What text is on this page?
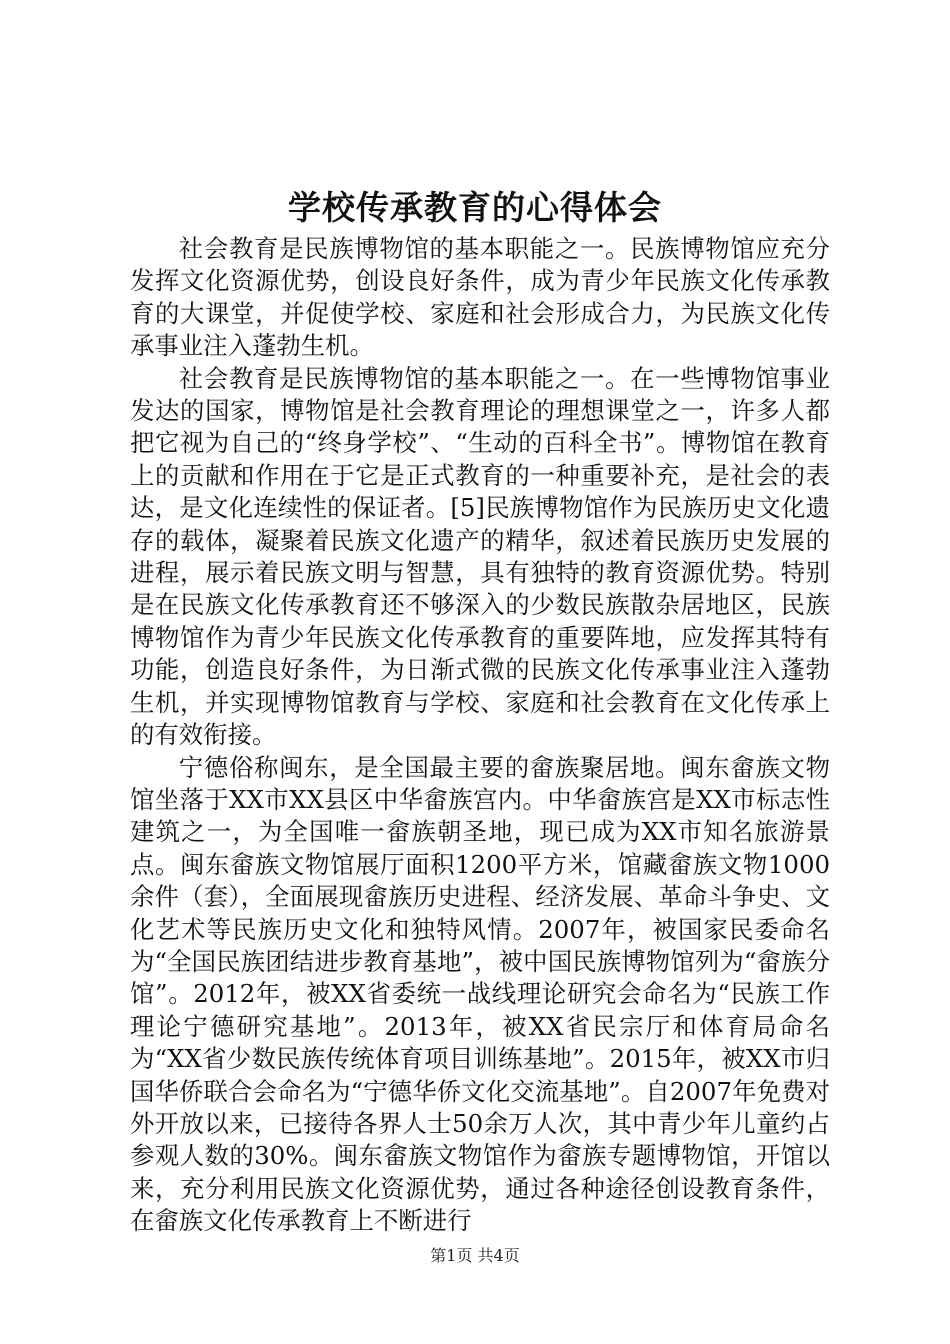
学校传承教育的心得体会

社会教育是民族博物馆的基本职能之一。民族博物馆应充分发挥文化资源优势，创设良好条件，成为青少年民族文化传承教育的大课堂，并促使学校、家庭和社会形成合力，为民族文化传承事业注入蓬勃生机。

社会教育是民族博物馆的基本职能之一。在一些博物馆事业发达的国家，博物馆是社会教育理论的理想课堂之一，许多人都把它视为自己的“终身学校”、“生动的百科全书”。博物馆在教育上的贡献和作用在于它是正式教育的一种重要补充，是社会的表达，是文化连续性的保证者。[5]民族博物馆作为民族历史文化遗存的载体，凝聚着民族文化遗产的精华，叙述着民族历史发展的进程，展示着民族文明与智慧，具有独特的教育资源优势。特别是在民族文化传承教育还不够深入的少数民族散杂居地区，民族博物馆作为青少年民族文化传承教育的重要阵地，应发挥其特有功能，创造良好条件，为日渐式微的民族文化传承事业注入蓬勃生机，并实现博物馆教育与学校、家庭和社会教育在文化传承上的有效衔接。

宁德俗称闽东，是全国最主要的畲族聚居地。闽东畲族文物馆坐落于XX市XX县区中华畲族宫内。中华畲族宫是XX市标志性建筑之一，为全国唯一畲族朝圣地，现已成为XX市知名旅游景点。闽东畲族文物馆展厅面积1200平方米，馆藏畲族文物1000余件（套），全面展现畲族历史进程、经济发展、革命斗争史、文化艺术等民族历史文化和独特风情。2007年，被国家民委命名为“全国民族团结进步教育基地”，被中国民族博物馆列为“畲族分馆”。2012年，被XX省委统一战线理论研究会命名为“民族工作理论宁德研究基地”。2013年，被XX省民宗厅和体育局命名为“XX省少数民族传统体育项目训练基地”。2015年，被XX市归国华侨联合会命名为“宁德华侨文化交流基地”。自2007年免费对外开放以来，已接待各界人士50余万人次，其中青少年儿童约占参观人数的30%。闽东畲族文物馆作为畲族专题博物馆，开馆以来，充分利用民族文化资源优势，通过各种途径创设教育条件，在畲族文化传承教育上不断进行

第1页 共4页
